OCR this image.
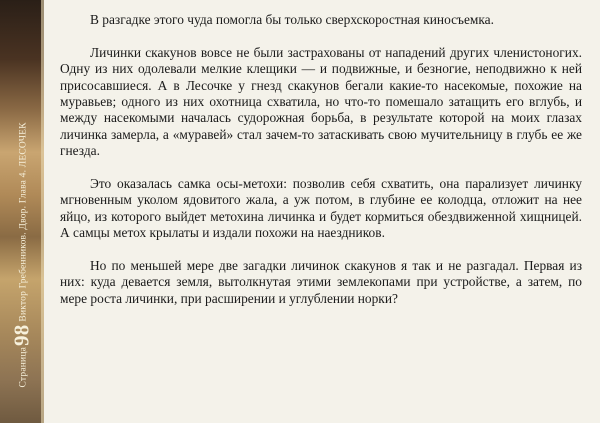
Страница98Виктор Гребенников. Двор. Глава 4. ЛЕСОЧЕК

В разгадке этого чуда помогла бы только сверхскоростная киносъемка.

Личинки скакунов вовсе не были застрахованы от нападений других членистоногих. Одну из них одолевали мелкие клещики — и подвижные, и безногие, неподвижно к ней присосавшиеся. А в Лесочке у гнезд скакунов бегали какие-то насекомые, похожие на муравьев; одного из них охотница схватила, но что-то помешало затащить его вглубь, и между насекомыми началась судорожная борьба, в результате которой на моих глазах личинка замерла, а «муравей» стал зачем-то затаскивать свою мучительницу в глубь ее же гнезда.

Это оказалась самка осы-метохи: позволив себя схватить, она парализует личинку мгновенным уколом ядовитого жала, а уж потом, в глубине ее колодца, отложит на нее яйцо, из которого выйдет метохина личинка и будет кормиться обездвиженной хищницей. А самцы метох крылаты и издали похожи на наездников.

Но по меньшей мере две загадки личинок скакунов я так и не разгадал. Первая из них: куда девается земля, вытолкнутая этими землекопами при устройстве, а затем, по мере роста личинки, при расширении и углублении норки?
